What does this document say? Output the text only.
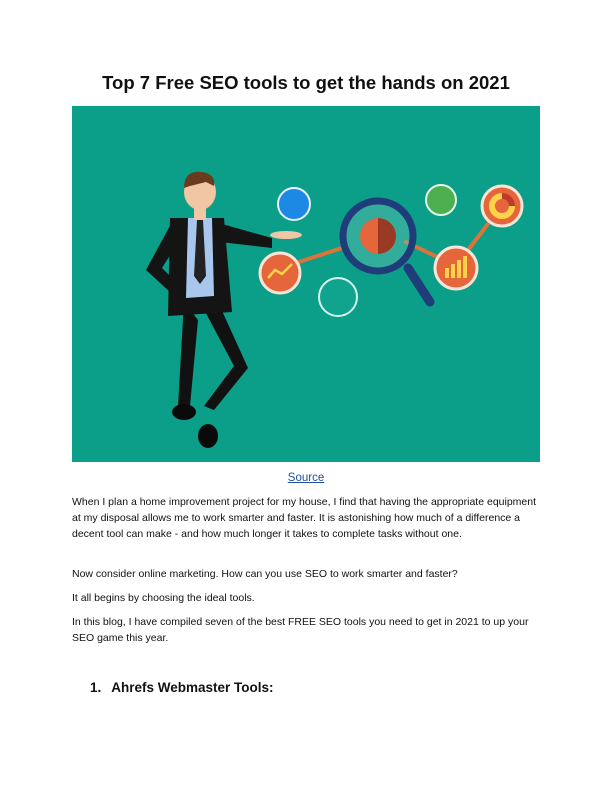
Top 7 Free SEO tools to get the hands on 2021
Source

When I plan a home improvement project for my house, I find that having the appropriate equipment at my disposal allows me to work smarter and faster. It is astonishing how much of a difference a decent tool can make - and how much longer it takes to complete tasks without one.

Now consider online marketing. How can you use SEO to work smarter and faster?

It all begins by choosing the ideal tools.

In this blog, I have compiled seven of the best FREE SEO tools you need to get in 2021 to up your SEO game this year.

1. Ahrefs Webmaster Tools:
